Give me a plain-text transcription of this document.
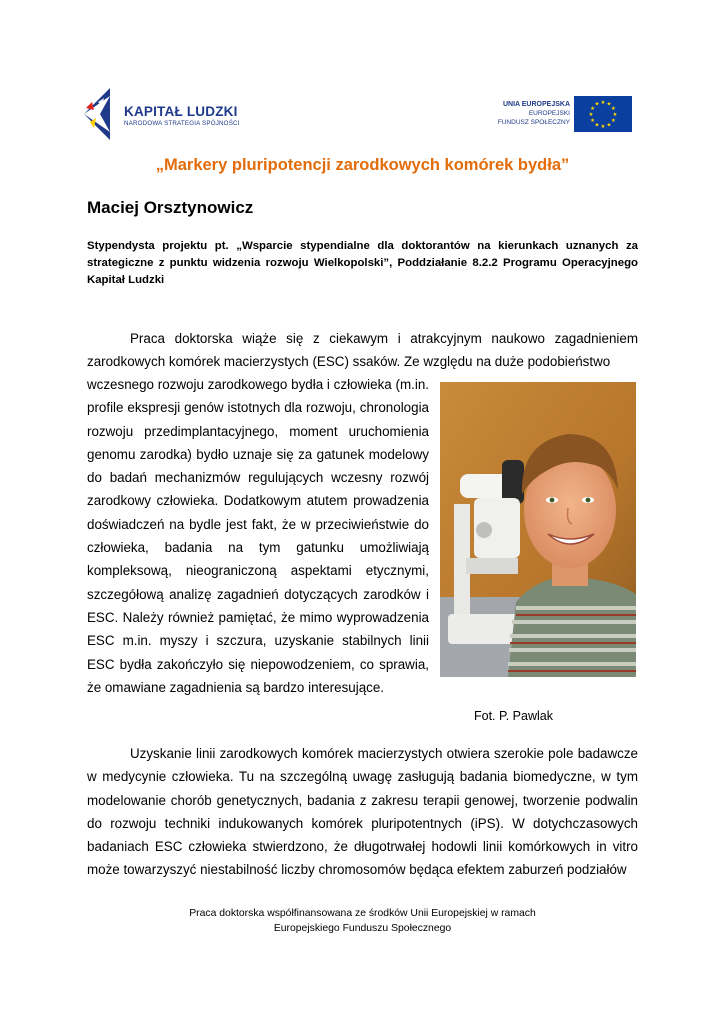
KAPITAŁ LUDZKI
NARODOWA STRATEGIA SPÓJNOŚCI
UNIA EUROPEJSKA
EUROPEJSKI
FUNDUSZ SPOŁECZNY
★ ★
★
★
★
★
★
★
★
★
★
★
„Markery pluripotencji zarodkowych komórek bydła”
Maciej Orsztynowicz
Stypendysta projektu pt. „Wsparcie stypendialne dla doktorantów na kierunkach uznanych za strategiczne z punktu widzenia rozwoju Wielkopolski”, Poddziałanie 8.2.2 Programu Operacyjnego Kapitał Ludzki
Praca doktorska wiąże się z ciekawym i atrakcyjnym naukowo zagadnieniem zarodkowych komórek macierzystych (ESC) ssaków. Ze względu na duże podobieństwo
wczesnego rozwoju zarodkowego bydła i człowieka (m.in. profile ekspresji genów istotnych dla rozwoju, chronologia rozwoju przedimplantacyjnego, moment uruchomienia genomu zarodka) bydło uznaje się za gatunek modelowy do badań mechanizmów regulujących wczesny rozwój zarodkowy człowieka. Dodatkowym atutem prowadzenia doświadczeń na bydle jest fakt, że w przeciwieństwie do człowieka, badania na tym gatunku umożliwiają kompleksową, nieograniczoną aspektami etycznymi, szczegółową analizę zagadnień dotyczących zarodków i ESC. Należy również pamiętać, że mimo wyprowadzenia ESC m.in. myszy i szczura, uzyskanie stabilnych linii ESC bydła zakończyło się niepowodzeniem, co sprawia, że omawiane zagadnienia są bardzo interesujące.
Fot. P. Pawlak
Uzyskanie linii zarodkowych komórek macierzystych otwiera szerokie pole badawcze w medycynie człowieka. Tu na szczególną uwagę zasługują badania biomedyczne, w tym modelowanie chorób genetycznych, badania z zakresu terapii genowej, tworzenie podwalin do rozwoju techniki indukowanych komórek pluripotentnych (iPS). W dotychczasowych badaniach ESC człowieka stwierdzono, że długotrwałej hodowli linii komórkowych in vitro może towarzyszyć niestabilność liczby chromosomów będąca efektem zaburzeń podziałów
Praca doktorska współfinansowana ze środków Unii Europejskiej w ramach
Europejskiego Funduszu Społecznego
